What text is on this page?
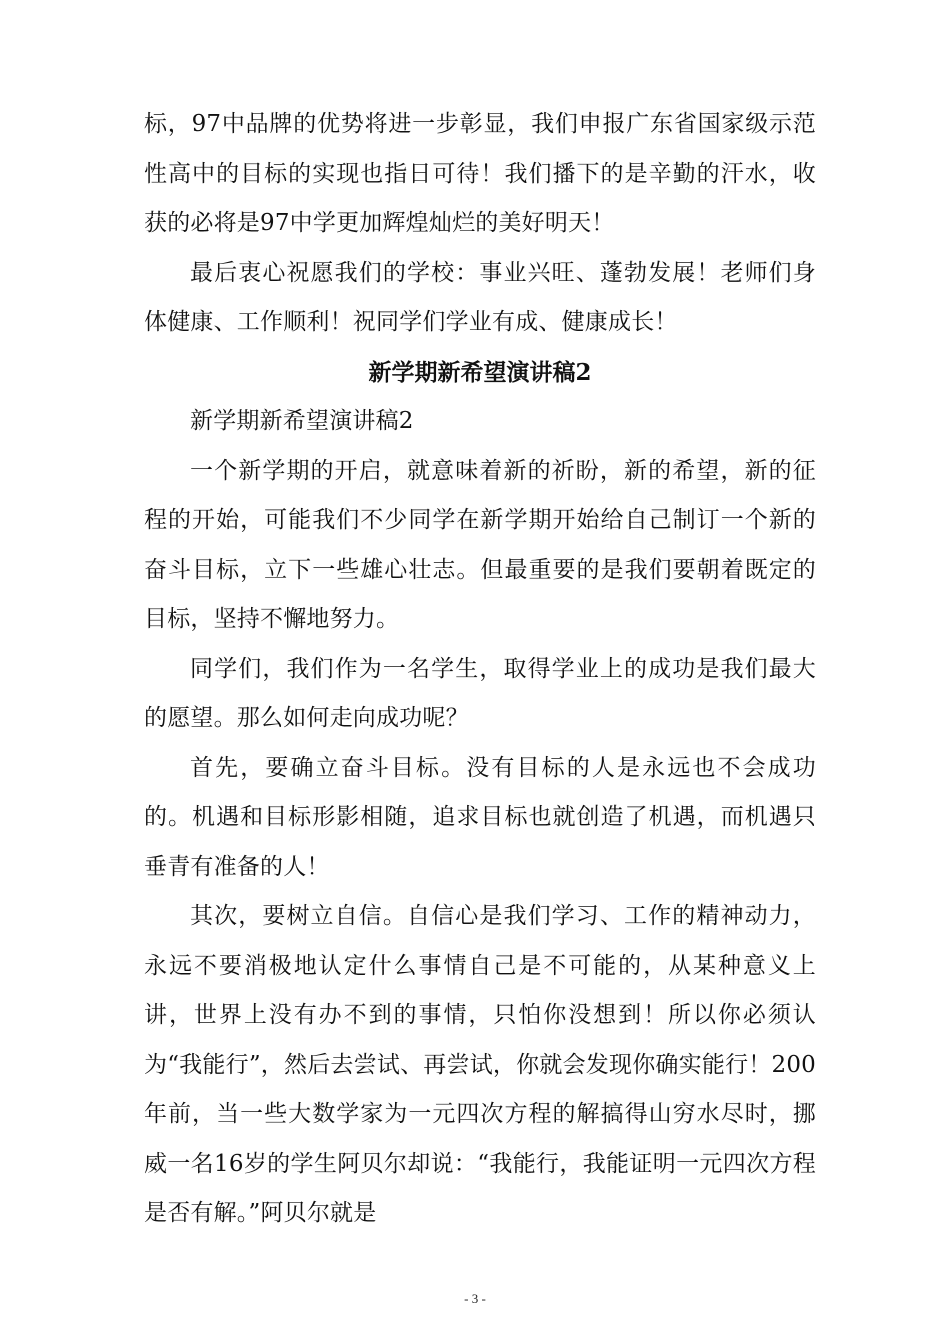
标，97中品牌的优势将进一步彰显，我们申报广东省国家级示范性高中的目标的实现也指日可待！我们播下的是辛勤的汗水，收获的必将是97中学更加辉煌灿烂的美好明天！

最后衷心祝愿我们的学校：事业兴旺、蓬勃发展！老师们身体健康、工作顺利！祝同学们学业有成、健康成长！

新学期新希望演讲稿2

新学期新希望演讲稿2

一个新学期的开启，就意味着新的祈盼，新的希望，新的征程的开始，可能我们不少同学在新学期开始给自己制订一个新的奋斗目标，立下一些雄心壮志。但最重要的是我们要朝着既定的目标，坚持不懈地努力。

同学们，我们作为一名学生，取得学业上的成功是我们最大的愿望。那么如何走向成功呢？

首先，要确立奋斗目标。没有目标的人是永远也不会成功的。机遇和目标形影相随，追求目标也就创造了机遇，而机遇只垂青有准备的人！

其次，要树立自信。自信心是我们学习、工作的精神动力，永远不要消极地认定什么事情自己是不可能的，从某种意义上讲，世界上没有办不到的事情，只怕你没想到！所以你必须认为“我能行”，然后去尝试、再尝试，你就会发现你确实能行！200年前，当一些大数学家为一元四次方程的解搞得山穷水尽时，挪威一名16岁的学生阿贝尔却说：“我能行，我能证明一元四次方程是否有解。”阿贝尔就是

- 3 -
